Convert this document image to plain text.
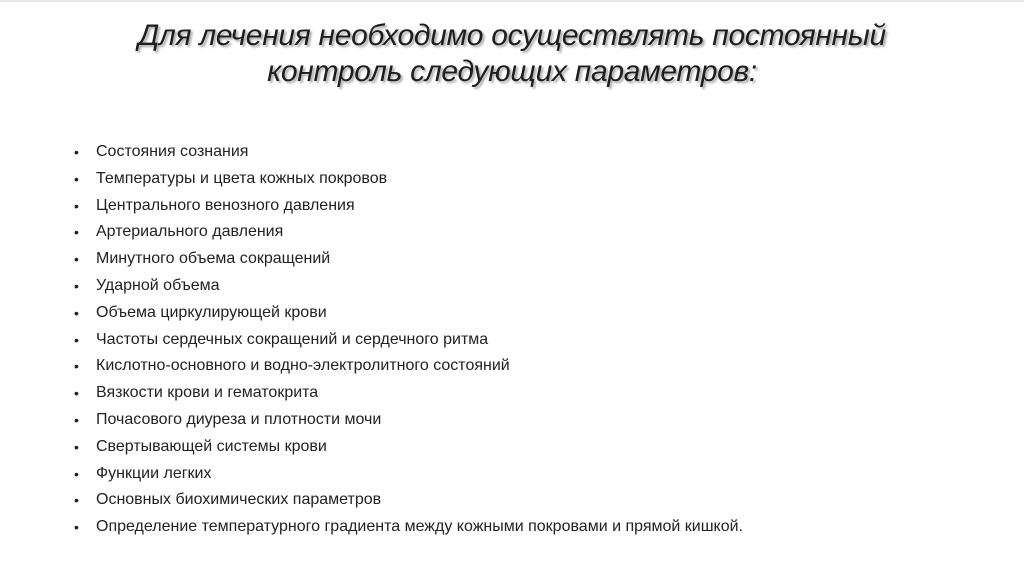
Для лечения необходимо осуществлять постоянный
контроль следующих параметров:
• Состояния сознания
• Температуры и цвета кожных покровов
• Центрального венозного давления
• Артериального давления
• Минутного объема сокращений
• Ударной объема
• Объема циркулирующей крови
• Частоты сердечных сокращений и сердечного ритма
• Кислотно-основного и водно-электролитного состояний
• Вязкости крови и гематокрита
• Почасового диуреза и плотности мочи
• Свертывающей системы крови
• Функции легких
• Основных биохимических параметров
• Определение температурного градиента между кожными покровами и прямой кишкой.
